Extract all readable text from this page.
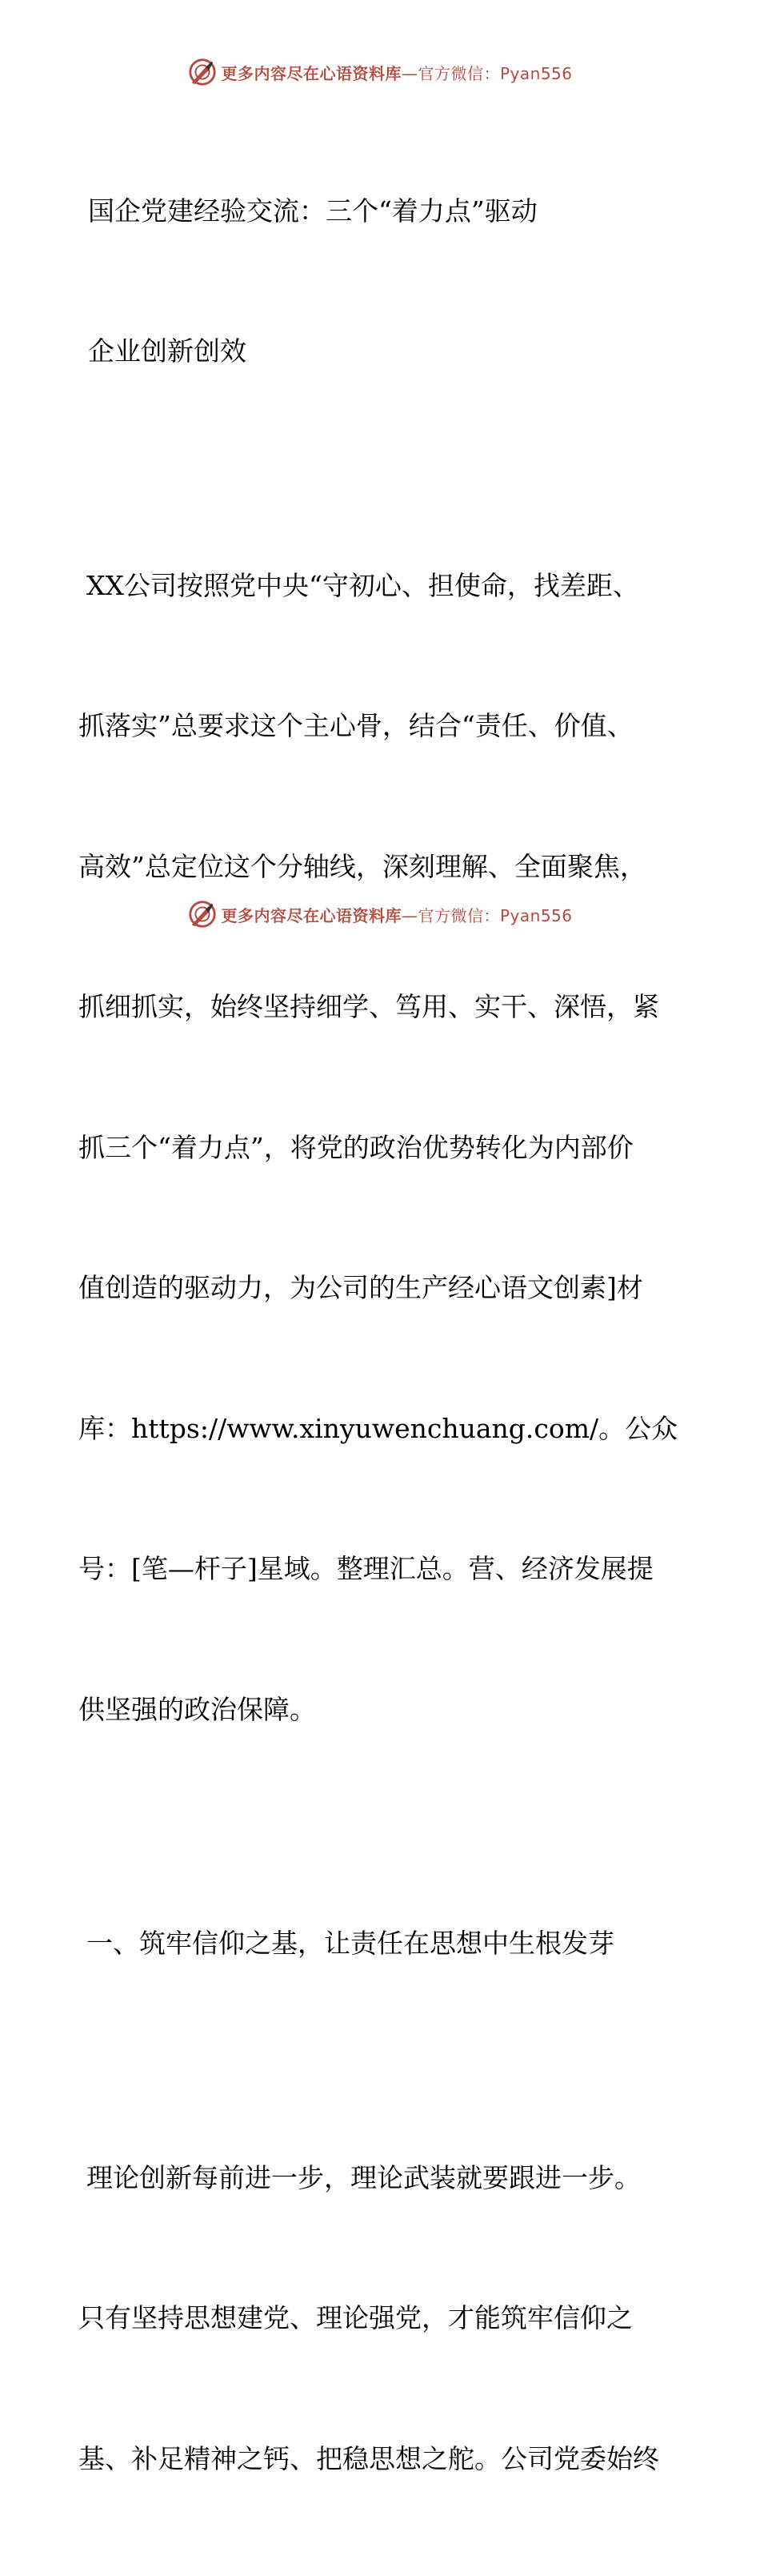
更多内容尽在心语资料库—官方微信：Pyan556

国企党建经验交流：三个“着力点”驱动

企业创新创效

XX公司按照党中央“守初心、担使命，找差距、

抓落实”总要求这个主心骨，结合“责任、价值、

高效”总定位这个分轴线，深刻理解、全面聚焦，

抓细抓实，始终坚持细学、笃用、实干、深悟，紧

抓三个“着力点”，将党的政治优势转化为内部价

值创造的驱动力，为公司的生产经心语文创素]材

库：https://www.xinyuwenchuang.com/。公众

号：[笔—杆子]星域。整理汇总。营、经济发展提

供坚强的政治保障。

一、筑牢信仰之基，让责任在思想中生根发芽

理论创新每前进一步，理论武装就要跟进一步。

只有坚持思想建党、理论强党，才能筑牢信仰之

基、补足精神之钙、把稳思想之舵。公司党委始终

更多内容尽在心语资料库—官方微信：Pyan556
